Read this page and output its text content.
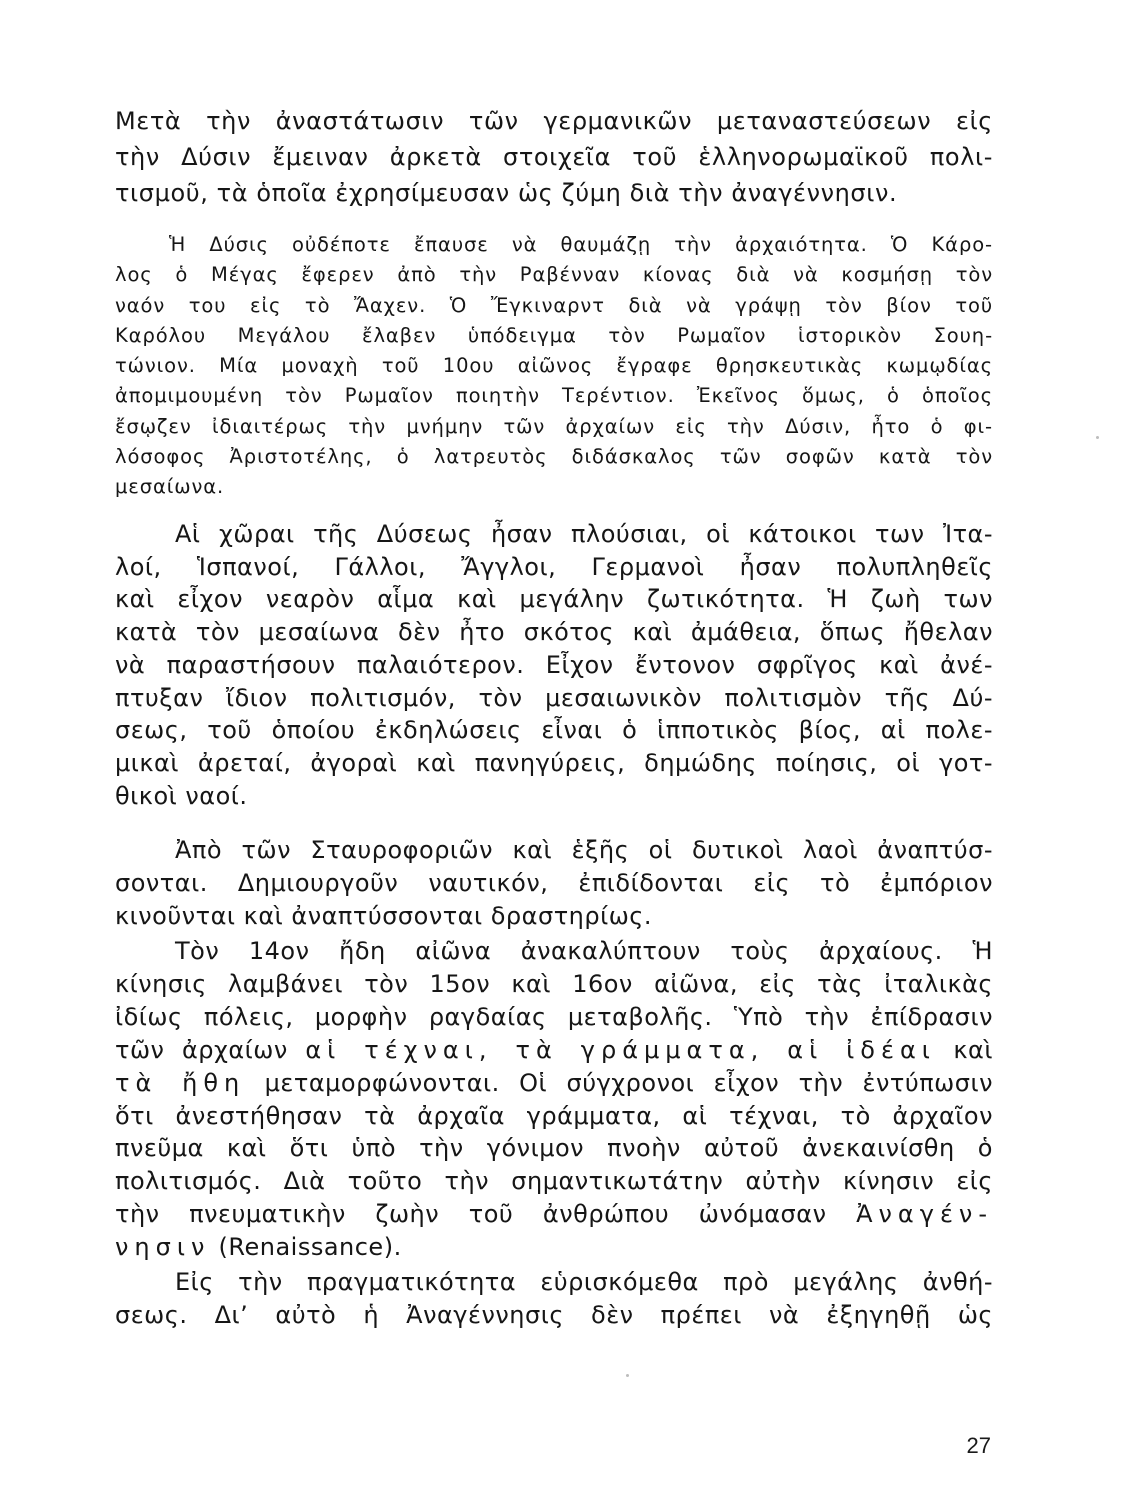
Μετὰ τὴν ἀναστάτωσιν τῶν γερμανικῶν μεταναστεύσεων εἰς
τὴν Δύσιν ἔμειναν ἀρκετὰ στοιχεῖα τοῦ ἑλληνορωμαϊκοῦ πολι-
τισμοῦ, τὰ ὁποῖα ἐχρησίμευσαν ὡς ζύμη διὰ τὴν ἀναγέννησιν.
Ἡ Δύσις οὐδέποτε ἔπαυσε νὰ θαυμάζῃ τὴν ἀρχαιότητα. Ὁ Κάρο-
λος ὁ Μέγας ἔφερεν ἀπὸ τὴν Ραβένναν κίονας διὰ νὰ κοσμήσῃ τὸν
ναόν του εἰς τὸ Ἄαχεν. Ὁ Ἔγκιναρντ διὰ νὰ γράψῃ τὸν βίον τοῦ
Καρόλου Μεγάλου ἔλαβεν ὑπόδειγμα τὸν Ρωμαῖον ἱστορικὸν Σουη-
τώνιον. Μία μοναχὴ τοῦ 10ου αἰῶνος ἔγραφε θρησκευτικὰς κωμῳδίας
ἀπομιμουμένη τὸν Ρωμαῖον ποιητὴν Τερέντιον. Ἐκεῖνος ὅμως, ὁ ὁποῖος
ἔσῳζεν ἰδιαιτέρως τὴν μνήμην τῶν ἀρχαίων εἰς τὴν Δύσιν, ἦτο ὁ φι-
λόσοφος Ἀριστοτέλης, ὁ λατρευτὸς διδάσκαλος τῶν σοφῶν κατὰ τὸν
μεσαίωνα.
Αἱ χῶραι τῆς Δύσεως ἦσαν πλούσιαι, οἱ κάτοικοι των Ἰτα-
λοί, Ἱσπανοί, Γάλλοι, Ἄγγλοι, Γερμανοὶ ἦσαν πολυπληθεῖς
καὶ εἶχον νεαρὸν αἷμα καὶ μεγάλην ζωτικότητα. Ἡ ζωὴ των
κατὰ τὸν μεσαίωνα δὲν ἦτο σκότος καὶ ἀμάθεια, ὅπως ἤθελαν
νὰ παραστήσουν παλαιότερον. Εἶχον ἔντονον σφρῖγος καὶ ἀνέ-
πτυξαν ἴδιον πολιτισμόν, τὸν μεσαιωνικὸν πολιτισμὸν τῆς Δύ-
σεως, τοῦ ὁποίου ἐκδηλώσεις εἶναι ὁ ἱπποτικὸς βίος, αἱ πολε-
μικαὶ ἀρεταί, ἀγοραὶ καὶ πανηγύρεις, δημώδης ποίησις, οἱ γοτ-
θικοὶ ναοί.
Ἀπὸ τῶν Σταυροφοριῶν καὶ ἑξῆς οἱ δυτικοὶ λαοὶ ἀναπτύσ-
σονται. Δημιουργοῦν ναυτικόν, ἐπιδίδονται εἰς τὸ ἐμπόριον
κινοῦνται καὶ ἀναπτύσσονται δραστηρίως.
Τὸν 14ον ἤδη αἰῶνα ἀνακαλύπτουν τοὺς ἀρχαίους. Ἡ
κίνησις λαμβάνει τὸν 15ον καὶ 16ον αἰῶνα, εἰς τὰς ἰταλικὰς
ἰδίως πόλεις, μορφὴν ραγδαίας μεταβολῆς. Ὑπὸ τὴν ἐπίδρασιν
τῶν ἀρχαίων αἱ τέχναι, τὰ γράμματα, αἱ ἰδέαι καὶ
τὰ ἤθη μεταμορφώνονται. Οἱ σύγχρονοι εἶχον τὴν ἐντύπωσιν
ὅτι ἀνεστήθησαν τὰ ἀρχαῖα γράμματα, αἱ τέχναι, τὸ ἀρχαῖον
πνεῦμα καὶ ὅτι ὑπὸ τὴν γόνιμον πνοὴν αὐτοῦ ἀνεκαινίσθη ὁ
πολιτισμός. Διὰ τοῦτο τὴν σημαντικωτάτην αὐτὴν κίνησιν εἰς
τὴν πνευματικὴν ζωὴν τοῦ ἀνθρώπου ὠνόμασαν Ἀναγέν-
νησιν (Renaissance).
Εἰς τὴν πραγματικότητα εὑρισκόμεθα πρὸ μεγάλης ἀνθή-
σεως. Δι’ αὐτὸ ἡ Ἀναγέννησις δὲν πρέπει νὰ ἐξηγηθῇ ὡς
27
